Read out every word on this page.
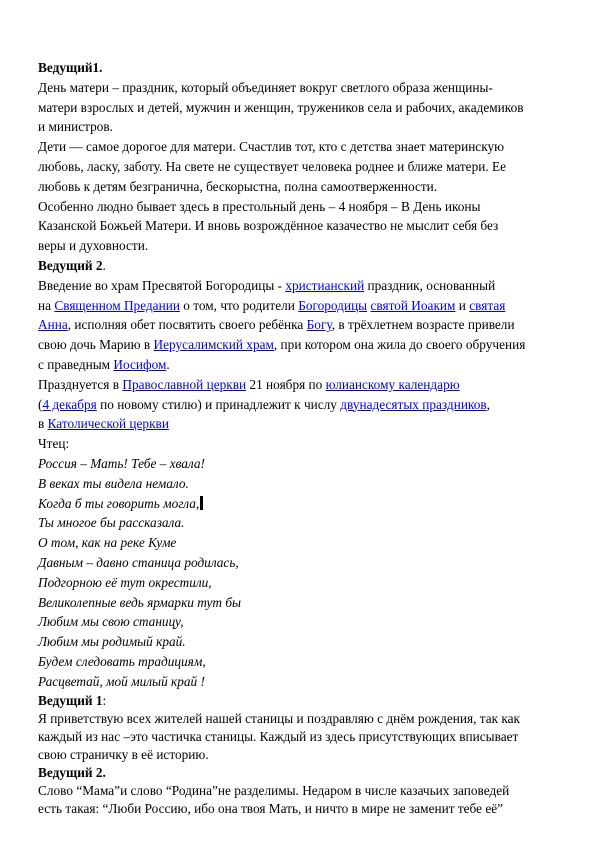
Ведущий1.
День матери – праздник, который объединяет вокруг светлого образа женщины-
матери взрослых и детей, мужчин и женщин, тружеников села и рабочих, академиков
и министров.
Дети — самое дорогое для матери. Счастлив тот, кто с детства знает материнскую
любовь, ласку, заботу. На свете не существует человека роднее и ближе матери. Ее
любовь к детям безгранична, бескорыстна, полна самоотверженности.
Особенно людно бывает здесь в престольный день – 4 ноября – В День иконы
Казанской Божьей Матери. И вновь возрождённое казачество не мыслит себя без
веры и духовности.
Ведущий 2.
Введение во храм Пресвятой Богородицы - христианский праздник, основанный
на Священном Предании о том, что родители Богородицы святой Иоаким и святая
Анна, исполняя обет посвятить своего ребёнка Богу, в трёхлетнем возрасте привели
свою дочь Марию в Иерусалимский храм, при котором она жила до своего обручения
с праведным Иосифом.
Празднуется в Православной церкви 21 ноября по юлианскому календарю
(4 декабря по новому стилю) и принадлежит к числу двунадесятых праздников,
в Католической церкви
Чтец:
Россия – Мать! Тебе – хвала!
В веках ты видела немало.
Когда б ты говорить могла,
Ты многое бы рассказала.
О том, как на реке Куме
Давным – давно станица родилась,
Подгорною её тут окрестили,
Великолепные ведь ярмарки тут бы
Любим мы свою станицу,
Любим мы родимый край.
Будем следовать традициям,
Расцветай, мой милый край !
Ведущий 1:
Я приветствую всех жителей нашей станицы и поздравляю с днём рождения, так как
каждый из нас –это частичка станицы. Каждый из здесь присутствующих вписывает
свою страничку в её историю.
Ведущий 2.
Слово “Мама”и слово “Родина”не разделимы. Недаром в числе казачьих заповедей
есть такая: “Люби Россию, ибо она твоя Мать, и ничто в мире не заменит тебе её”
